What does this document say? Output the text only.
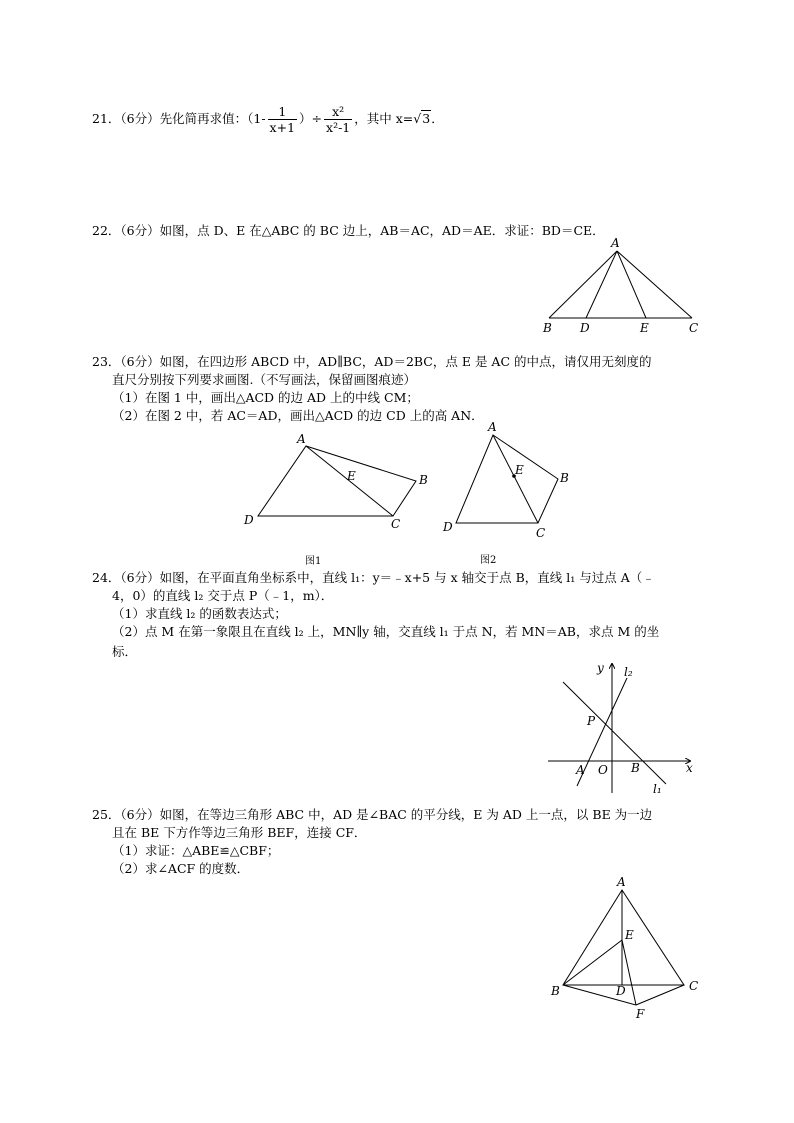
21．（6分）先化简再求值：（$1- \frac{1}{x+1}$ ）÷ $\frac{\text{x²}}{\text{x²-1}}$ ，其中 x=√3．
22．（6分）如图，点 D、E 在△ABC 的 BC 边上，AB＝AC，AD＝AE．求证：BD＝CE．
A
B D	E	C
23．（6分）如图，在四边形 ABCD 中，AD∥BC，AD＝2BC，点 E 是 AC 的中点，请仅用无刻度的
直尺分别按下列要求画图.（不写画法，保留画图痕迹）
（1）在图 1 中，画出△ACD 的边 AD 上的中线 CM；
（2）在图 2 中，若 AC＝AD，画出△ACD 的边 CD 上的高 AN．
A
B
C
D
E
图1
A
B
C
D
E
图2
24．（6分）如图，在平面直角坐标系中，直线 l₁：y＝﹣x+5 与 x 轴交于点 B，直线 l₁ 与过点 A（﹣
4，0）的直线 l₂ 交于点 P（﹣1，m）．
（1）求直线 l₂ 的函数表达式；
（2）点 M 在第一象限且在直线 l₂ 上，MN∥y 轴，交直线 l₁ 于点 N，若 MN＝AB，求点 M 的坐
标．
y l₂
x
l₁
P
A O B
25．（6分）如图，在等边三角形 ABC 中，AD 是∠BAC 的平分线，E 为 AD 上一点，以 BE 为一边
且在 BE 下方作等边三角形 BEF，连接 CF．
（1）求证：△ABE≌△CBF；
（2）求∠ACF 的度数．
A
E
B	D	C
F
